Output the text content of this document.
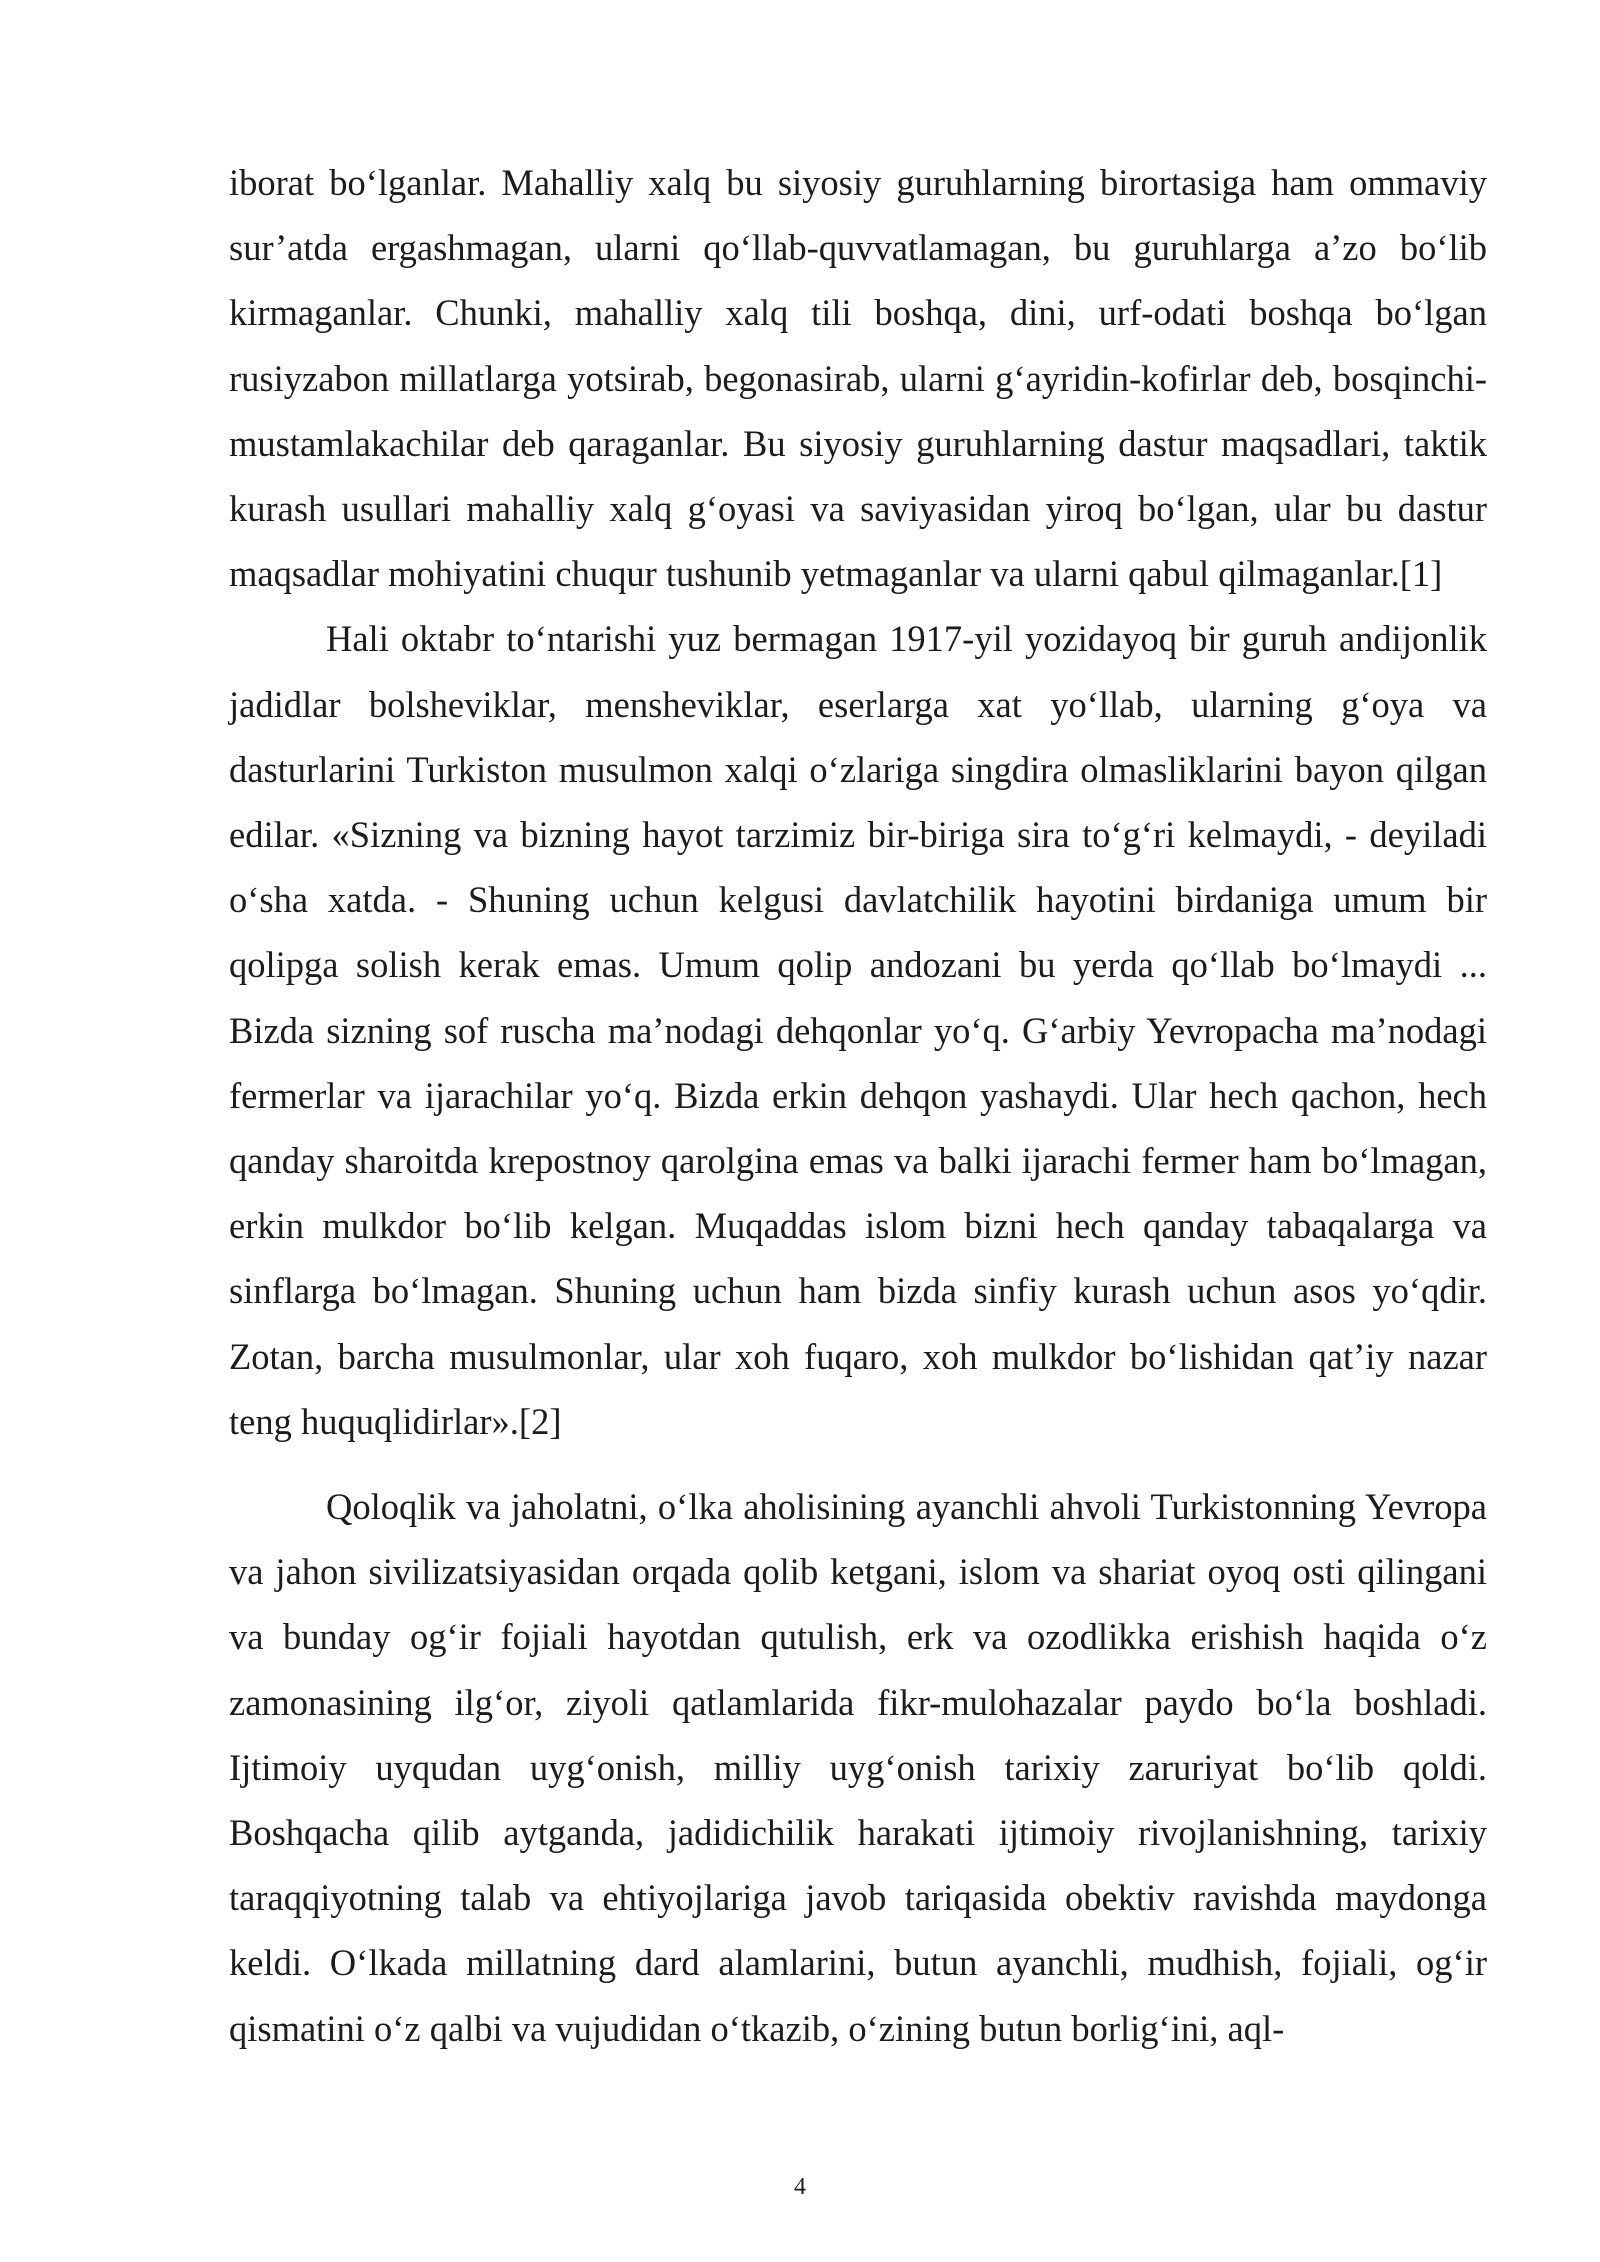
iborat bo‘lganlar. Mahalliy xalq bu siyosiy guruhlarning birortasiga ham ommaviy sur’atda ergashmagan, ularni qo‘llab-quvvatlamagan, bu guruhlarga a’zo bo‘lib kirmaganlar. Chunki, mahalliy xalq tili boshqa, dini, urf-odati boshqa bo‘lgan rusiyzabon millatlarga yotsirab, begonasirab, ularni g‘ayridin-kofirlar deb, bosqinchi-mustamlakachilar deb qaraganlar. Bu siyosiy guruhlarning dastur maqsadlari, taktik kurash usullari mahalliy xalq g‘oyasi va saviyasidan yiroq bo‘lgan, ular bu dastur maqsadlar mohiyatini chuqur tushunib yetmaganlar va ularni qabul qilmaganlar.[1]

Hali oktabr to‘ntarishi yuz bermagan 1917-yil yozidayoq bir guruh andijonlik jadidlar bolsheviklar, mensheviklar, eserlarga xat yo‘llab, ularning g‘oya va dasturlarini Turkiston musulmon xalqi o‘zlariga singdira olmasliklarini bayon qilgan edilar. «Sizning va bizning hayot tarzimiz bir-biriga sira to‘g‘ri kelmaydi, - deyiladi o‘sha xatda. - Shuning uchun kelgusi davlatchilik hayotini birdaniga umum bir qolipga solish kerak emas. Umum qolip andozani bu yerda qo‘llab bo‘lmaydi ... Bizda sizning sof ruscha ma’nodagi dehqonlar yo‘q. G‘arbiy Yevropacha ma’nodagi fermerlar va ijarachilar yo‘q. Bizda erkin dehqon yashaydi. Ular hech qachon, hech qanday sharoitda krepostnoy qarolgina emas va balki ijarachi fermer ham bo‘lmagan, erkin mulkdor bo‘lib kelgan. Muqaddas islom bizni hech qanday tabaqalarga va sinflarga bo‘lmagan. Shuning uchun ham bizda sinfiy kurash uchun asos yo‘qdir. Zotan, barcha musulmonlar, ular xoh fuqaro, xoh mulkdor bo‘lishidan qat’iy nazar teng huquqlidirlar».[2]

Qoloqlik va jaholatni, o‘lka aholisining ayanchli ahvoli Turkistonning Yevropa va jahon sivilizatsiyasidan orqada qolib ketgani, islom va shariat oyoq osti qilingani va bunday og‘ir fojiali hayotdan qutulish, erk va ozodlikka erishish haqida o‘z zamonasining ilg‘or, ziyoli qatlamlarida fikr-mulohazalar paydo bo‘la boshladi. Ijtimoiy uyqudan uyg‘onish, milliy uyg‘onish tarixiy zaruriyat bo‘lib qoldi. Boshqacha qilib aytganda, jadidichilik harakati ijtimoiy rivojlanishning, tarixiy taraqqiyotning talab va ehtiyojlariga javob tariqasida obektiv ravishda maydonga keldi. O‘lkada millatning dard alamlarini, butun ayanchli, mudhish, fojiali, og‘ir qismatini o‘z qalbi va vujudidan o‘tkazib, o‘zining butun borlig‘ini, aql-

4
